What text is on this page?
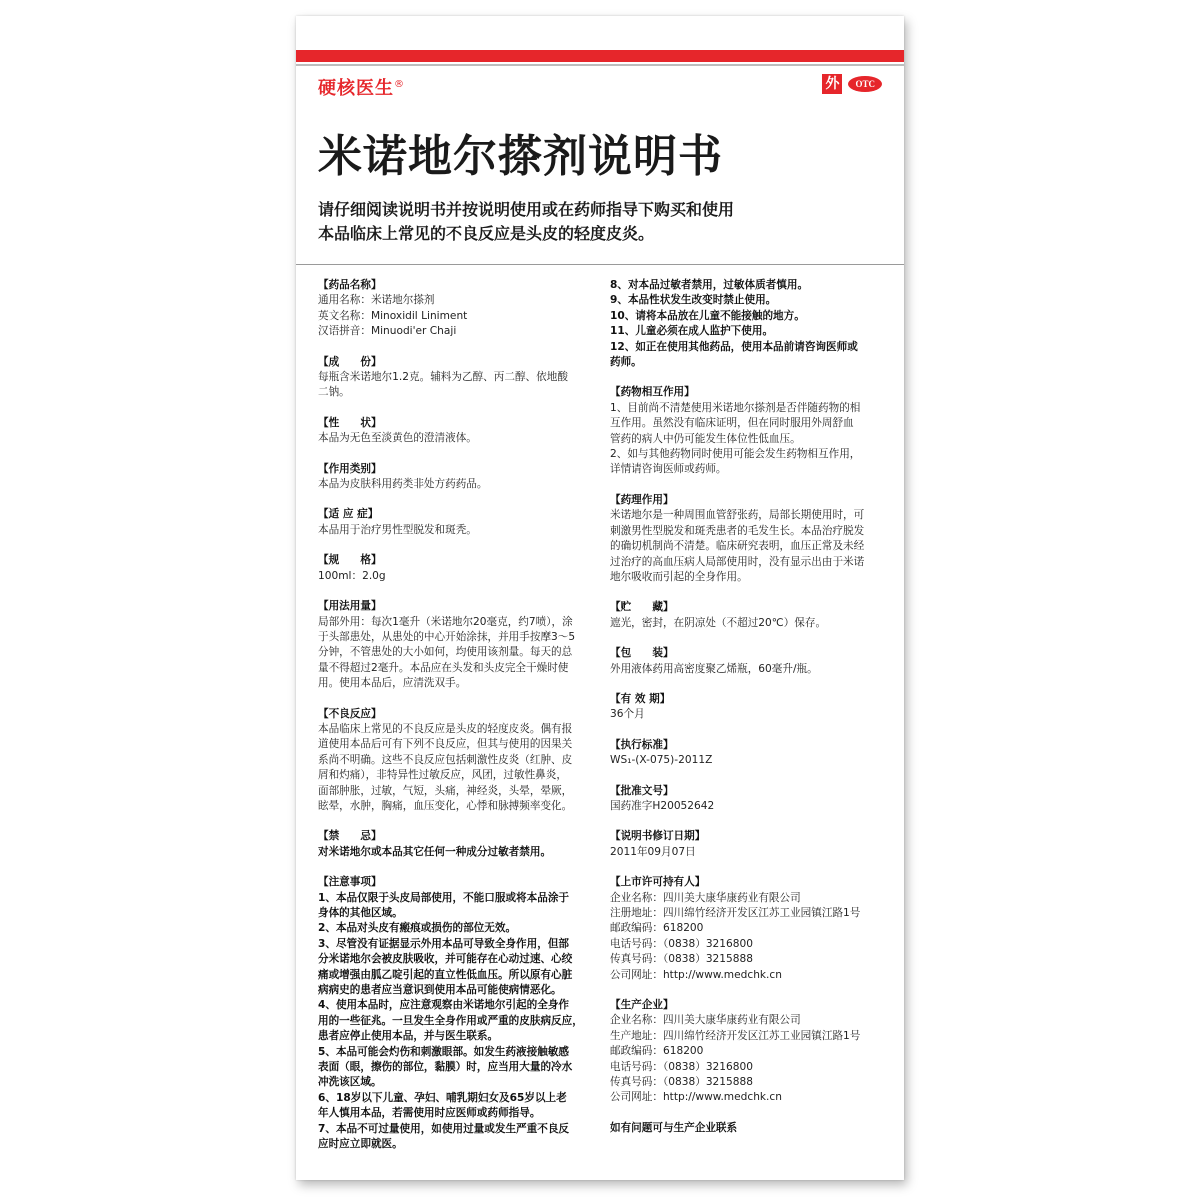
硬核医生®	外	OTC
米诺地尔搽剂说明书
请仔细阅读说明书并按说明使用或在药师指导下购买和使用
本品临床上常见的不良反应是头皮的轻度皮炎。
【药品名称】
通用名称：米诺地尔搽剂
英文名称：Minoxidil Liniment
汉语拼音：Minuodi'er Chaji
【成　　份】
每瓶含米诺地尔1.2克。辅料为乙醇、丙二醇、依地酸
二钠。
【性　　状】
本品为无色至淡黄色的澄清液体。
【作用类别】
本品为皮肤科用药类非处方药药品。
【适 应 症】
本品用于治疗男性型脱发和斑秃。
【规　　格】
100ml：2.0g
【用法用量】
局部外用：每次1毫升（米诺地尔20毫克，约7喷），涂
于头部患处，从患处的中心开始涂抹，并用手按摩3～5
分钟，不管患处的大小如何，均使用该剂量。每天的总
量不得超过2毫升。本品应在头发和头皮完全干燥时使
用。使用本品后，应清洗双手。
【不良反应】
本品临床上常见的不良反应是头皮的轻度皮炎。偶有报
道使用本品后可有下列不良反应，但其与使用的因果关
系尚不明确。这些不良反应包括刺激性皮炎（红肿、皮
屑和灼痛），非特异性过敏反应，风团，过敏性鼻炎，
面部肿胀，过敏，气短，头痛，神经炎，头晕，晕厥，
眩晕，水肿，胸痛，血压变化，心悸和脉搏频率变化。
【禁　　忌】
对米诺地尔或本品其它任何一种成分过敏者禁用。
【注意事项】
1、本品仅限于头皮局部使用，不能口服或将本品涂于
身体的其他区域。
2、本品对头皮有瘢痕或损伤的部位无效。
3、尽管没有证据显示外用本品可导致全身作用，但部
分米诺地尔会被皮肤吸收，并可能存在心动过速、心绞
痛或增强由胍乙啶引起的直立性低血压。所以原有心脏
病病史的患者应当意识到使用本品可能使病情恶化。
4、使用本品时，应注意观察由米诺地尔引起的全身作
用的一些征兆。一旦发生全身作用或严重的皮肤病反应，
患者应停止使用本品，并与医生联系。
5、本品可能会灼伤和刺激眼部。如发生药液接触敏感
表面（眼，擦伤的部位，黏膜）时，应当用大量的冷水
冲洗该区域。
6、18岁以下儿童、孕妇、哺乳期妇女及65岁以上老
年人慎用本品，若需使用时应医师或药师指导。
7、本品不可过量使用，如使用过量或发生严重不良反
应时应立即就医。
8、对本品过敏者禁用，过敏体质者慎用。
9、本品性状发生改变时禁止使用。
10、请将本品放在儿童不能接触的地方。
11、儿童必须在成人监护下使用。
12、如正在使用其他药品，使用本品前请咨询医师或
药师。
【药物相互作用】
1、目前尚不清楚使用米诺地尔搽剂是否伴随药物的相
互作用。虽然没有临床证明，但在同时服用外周舒血
管药的病人中仍可能发生体位性低血压。
2、如与其他药物同时使用可能会发生药物相互作用，
详情请咨询医师或药师。
【药理作用】
米诺地尔是一种周围血管舒张药，局部长期使用时，可
刺激男性型脱发和斑秃患者的毛发生长。本品治疗脱发
的确切机制尚不清楚。临床研究表明，血压正常及未经
过治疗的高血压病人局部使用时，没有显示出由于米诺
地尔吸收而引起的全身作用。
【贮　　藏】
遮光，密封，在阴凉处（不超过20℃）保存。
【包　　装】
外用液体药用高密度聚乙烯瓶，60毫升/瓶。
【有 效 期】
36个月
【执行标准】
WS₁-(X-075)-2011Z
【批准文号】
国药准字H20052642
【说明书修订日期】
2011年09月07日
【上市许可持有人】
企业名称：四川美大康华康药业有限公司
注册地址：四川绵竹经济开发区江苏工业园镇江路1号
邮政编码：618200
电话号码：（0838）3216800
传真号码：（0838）3215888
公司网址：http://www.medchk.cn
【生产企业】
企业名称：四川美大康华康药业有限公司
生产地址：四川绵竹经济开发区江苏工业园镇江路1号
邮政编码：618200
电话号码：（0838）3216800
传真号码：（0838）3215888
公司网址：http://www.medchk.cn
如有问题可与生产企业联系
